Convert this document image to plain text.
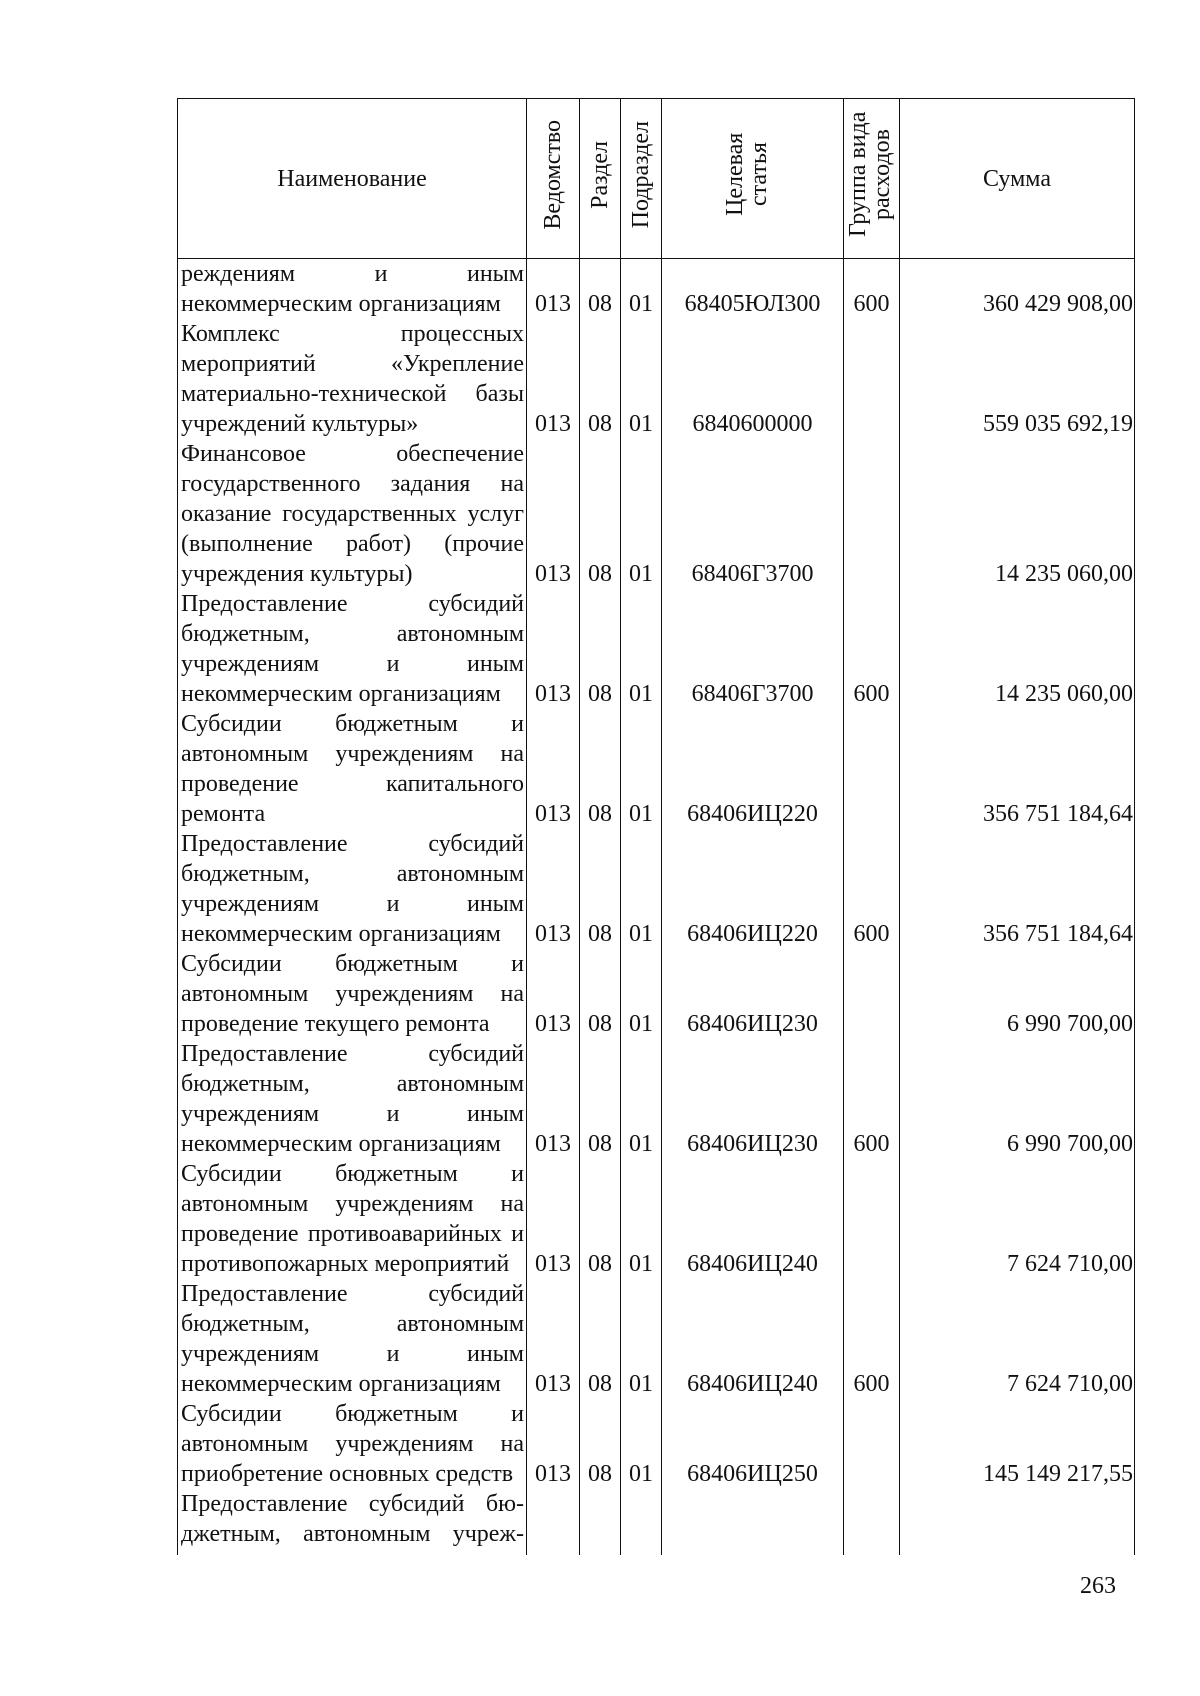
Наименование	Ведомство	Раздел	Подраздел	Целевая статья	Группа вида расходов	Сумма
реждениям и иным некоммерческим организациям	013	08	01	68405ЮЛ300	600	360 429 908,00
Комплекс процессных мероприятий «Укрепление материально-технической базы учреждений культуры»	013	08	01	6840600000		559 035 692,19
Финансовое обеспечение государственного задания на оказание государственных услуг (выполнение работ) (прочие учреждения культуры)	013	08	01	68406Г3700		14 235 060,00
Предоставление субсидий бюджетным, автономным учреждениям и иным некоммерческим организациям	013	08	01	68406Г3700	600	14 235 060,00
Субсидии бюджетным и автономным учреждениям на проведение капитального ремонта	013	08	01	68406ИЦ220		356 751 184,64
Предоставление субсидий бюджетным, автономным учреждениям и иным некоммерческим организациям	013	08	01	68406ИЦ220	600	356 751 184,64
Субсидии бюджетным и автономным учреждениям на проведение текущего ремонта	013	08	01	68406ИЦ230		6 990 700,00
Предоставление субсидий бюджетным, автономным учреждениям и иным некоммерческим организациям	013	08	01	68406ИЦ230	600	6 990 700,00
Субсидии бюджетным и автономным учреждениям на проведение противоаварийных и противопожарных мероприятий	013	08	01	68406ИЦ240		7 624 710,00
Предоставление субсидий бюджетным, автономным учреждениям и иным некоммерческим организациям	013	08	01	68406ИЦ240	600	7 624 710,00
Субсидии бюджетным и автономным учреждениям на приобретение основных средств	013	08	01	68406ИЦ250		145 149 217,55

Предоставление субсидий бю-
джетным, автономным учреж-						

263
